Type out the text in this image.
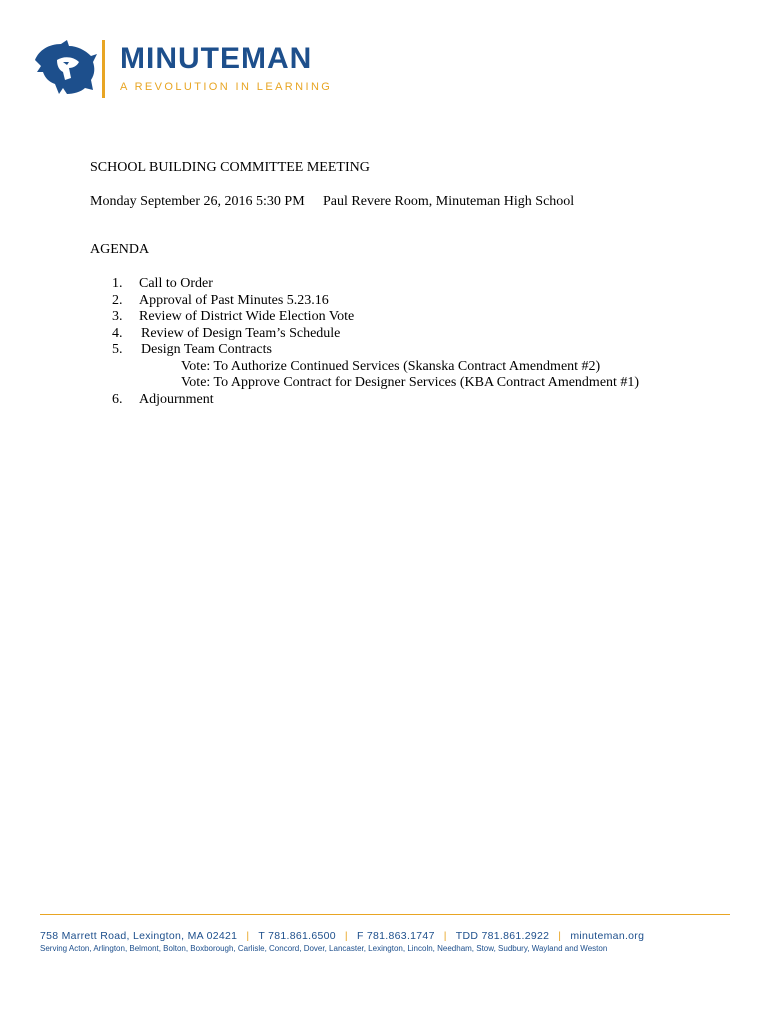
MINUTEMAN
A REVOLUTION IN LEARNING
SCHOOL BUILDING COMMITTEE MEETING
Monday September 26, 2016 5:30 PM Paul Revere Room, Minuteman High School
AGENDA
1. Call to Order
2. Approval of Past Minutes 5.23.16
3. Review of District Wide Election Vote
4. Review of Design Team’s Schedule
5. Design Team Contracts
Vote: To Authorize Continued Services (Skanska Contract Amendment #2)
Vote: To Approve Contract for Designer Services (KBA Contract Amendment #1)
6. Adjournment
758 Marrett Road, Lexington, MA 02421 | T 781.861.6500 | F 781.863.1747 | TDD 781.861.2922 | minuteman.org
Serving Acton, Arlington, Belmont, Bolton, Boxborough, Carlisle, Concord, Dover, Lancaster, Lexington, Lincoln, Needham, Stow, Sudbury, Wayland and Weston
